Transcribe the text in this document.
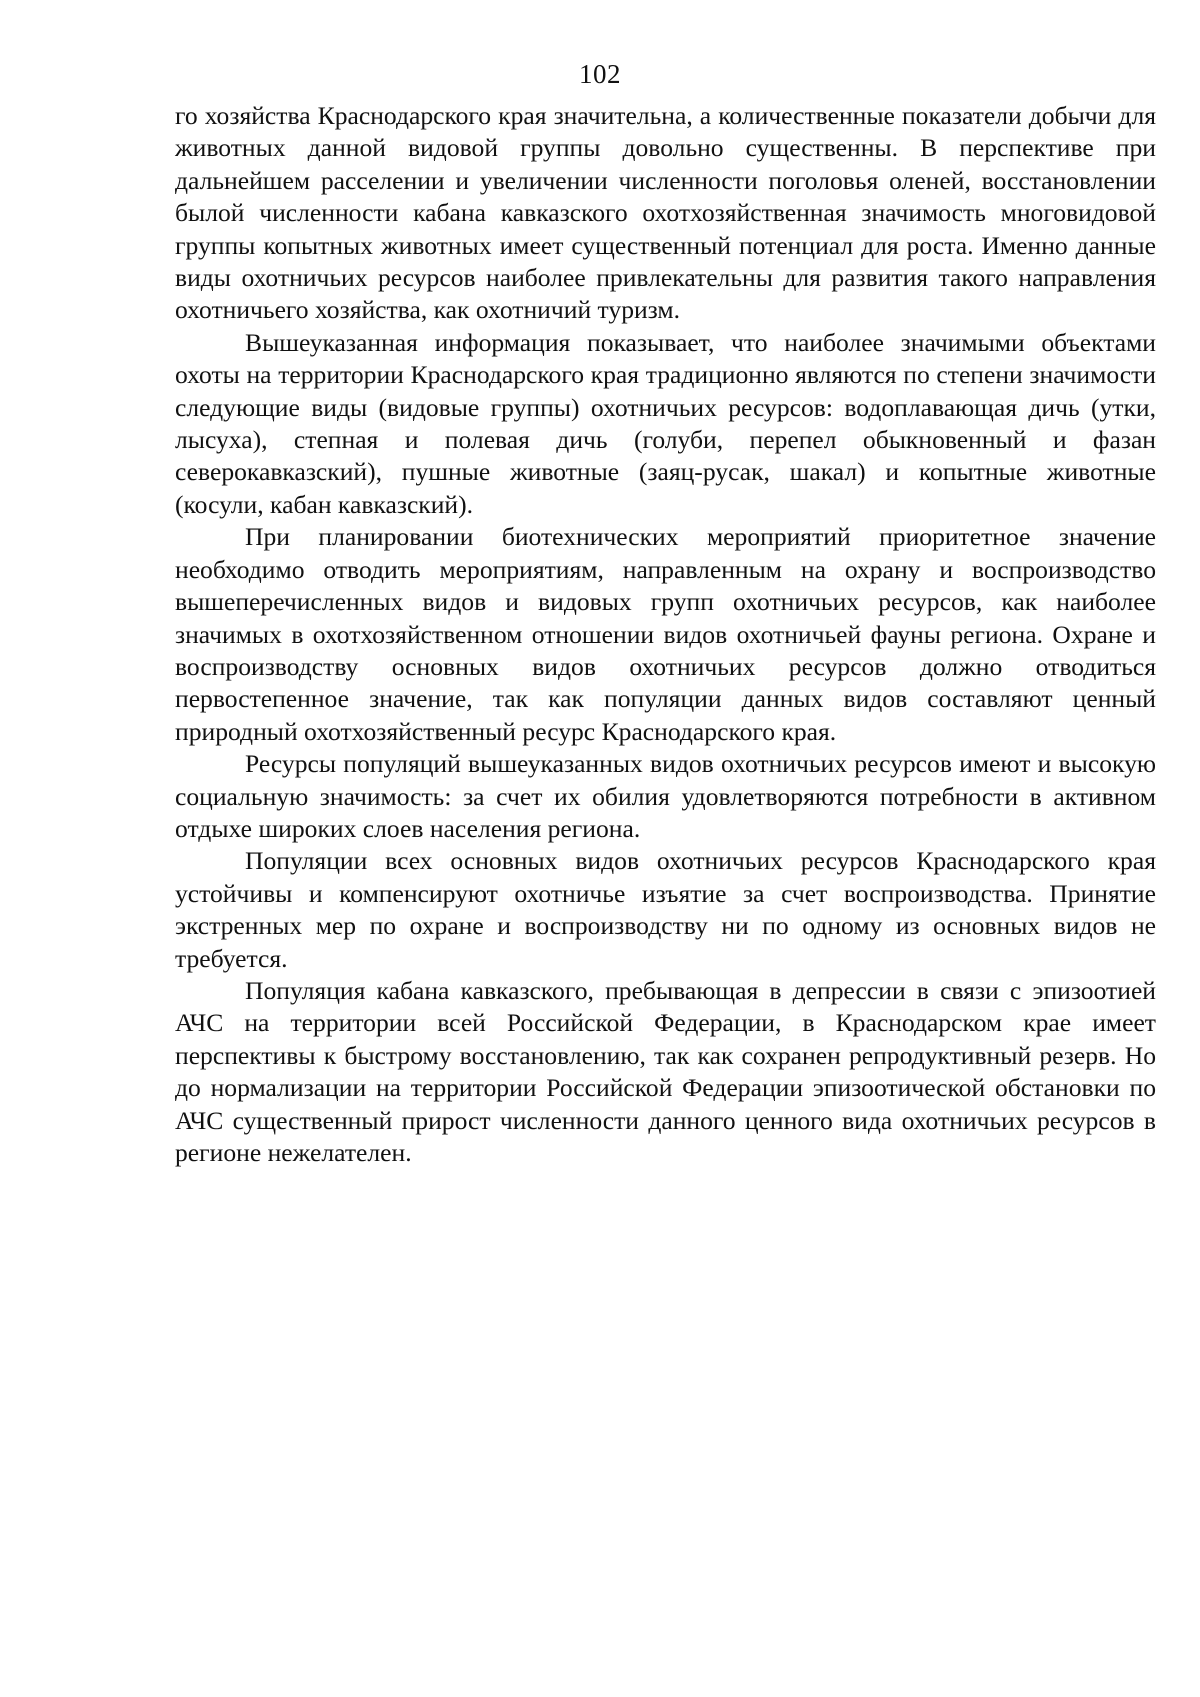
102

го хозяйства Краснодарского края значительна, а количественные показатели добычи для животных данной видовой группы довольно существенны. В перспективе при дальнейшем расселении и увеличении численности поголовья оленей, восстановлении былой численности кабана кавказского охотхозяйственная значимость многовидовой группы копытных животных имеет существенный потенциал для роста. Именно данные виды охотничьих ресурсов наиболее привлекательны для развития такого направления охотничьего хозяйства, как охотничий туризм.

Вышеуказанная информация показывает, что наиболее значимыми объектами охоты на территории Краснодарского края традиционно являются по степени значимости следующие виды (видовые группы) охотничьих ресурсов: водоплавающая дичь (утки, лысуха), степная и полевая дичь (голуби, перепел обыкновенный и фазан северокавказский), пушные животные (заяц-русак, шакал) и копытные животные (косули, кабан кавказский).

При планировании биотехнических мероприятий приоритетное значение необходимо отводить мероприятиям, направленным на охрану и воспроизводство вышеперечисленных видов и видовых групп охотничьих ресурсов, как наиболее значимых в охотхозяйственном отношении видов охотничьей фауны региона. Охране и воспроизводству основных видов охотничьих ресурсов должно отводиться первостепенное значение, так как популяции данных видов составляют ценный природный охотхозяйственный ресурс Краснодарского края.

Ресурсы популяций вышеуказанных видов охотничьих ресурсов имеют и высокую социальную значимость: за счет их обилия удовлетворяются потребности в активном отдыхе широких слоев населения региона.

Популяции всех основных видов охотничьих ресурсов Краснодарского края устойчивы и компенсируют охотничье изъятие за счет воспроизводства. Принятие экстренных мер по охране и воспроизводству ни по одному из основных видов не требуется.

Популяция кабана кавказского, пребывающая в депрессии в связи с эпизоотией АЧС на территории всей Российской Федерации, в Краснодарском крае имеет перспективы к быстрому восстановлению, так как сохранен репродуктивный резерв. Но до нормализации на территории Российской Федерации эпизоотической обстановки по АЧС существенный прирост численности данного ценного вида охотничьих ресурсов в регионе нежелателен.
